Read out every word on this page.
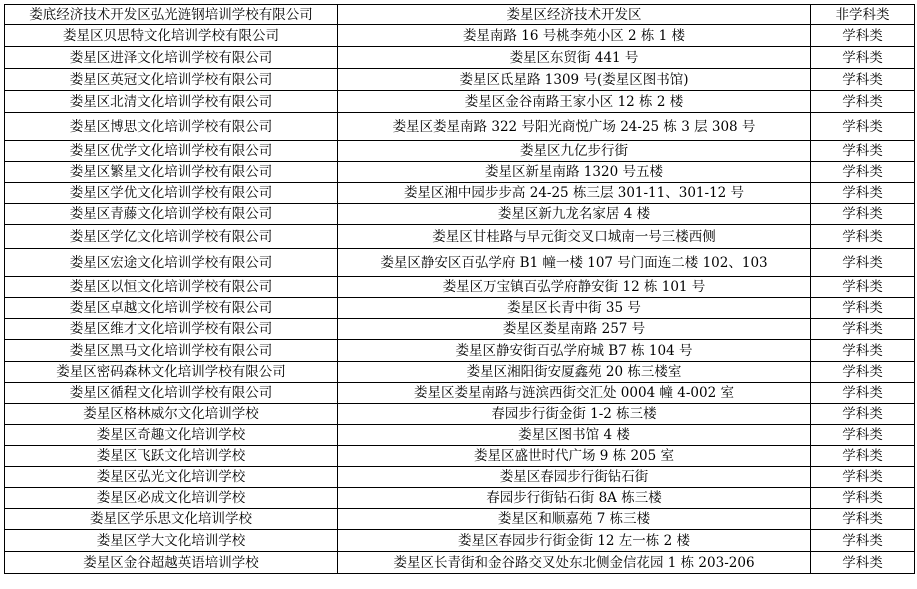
娄底经济技术开发区弘光涟钢培训学校有限公司	娄星区经济技术开发区	非学科类
娄星区贝思特文化培训学校有限公司	娄星南路 16 号桃李苑小区 2 栋 1 楼	学科类
娄星区进泽文化培训学校有限公司	娄星区东贸街 441 号	学科类
娄星区英冠文化培训学校有限公司	娄星区氐星路 1309 号(娄星区图书馆)	学科类
娄星区北清文化培训学校有限公司	娄星区金谷南路王家小区 12 栋 2 楼	学科类
娄星区博思文化培训学校有限公司	娄星区娄星南路 322 号阳光商悦广场 24-25 栋 3 层 308 号	学科类
娄星区优学文化培训学校有限公司	娄星区九亿步行街	学科类
娄星区繁星文化培训学校有限公司	娄星区新星南路 1320 号五楼	学科类
娄星区学优文化培训学校有限公司	娄星区湘中园步步高 24-25 栋三层 301-11、301-12 号	学科类
娄星区青藤文化培训学校有限公司	娄星区新九龙名家居 4 楼	学科类
娄星区学亿文化培训学校有限公司	娄星区甘桂路与早元街交叉口城南一号三楼西侧	学科类
娄星区宏途文化培训学校有限公司	娄星区静安区百弘学府 B1 幢一楼 107 号门面连二楼 102、103	学科类
娄星区以恒文化培训学校有限公司	娄星区万宝镇百弘学府静安街 12 栋 101 号	学科类
娄星区卓越文化培训学校有限公司	娄星区长青中街 35 号	学科类
娄星区维才文化培训学校有限公司	娄星区娄星南路 257 号	学科类
娄星区黑马文化培训学校有限公司	娄星区静安街百弘学府城 B7 栋 104 号	学科类
娄星区密码森林文化培训学校有限公司	娄星区湘阳街安厦鑫苑 20 栋三楼室	学科类
娄星区循程文化培训学校有限公司	娄星区娄星南路与涟滨西街交汇处 0004 幢 4-002 室	学科类
娄星区格林威尔文化培训学校	春园步行街金街 1-2 栋三楼	学科类
娄星区奇趣文化培训学校	娄星区图书馆 4 楼	学科类
娄星区飞跃文化培训学校	娄星区盛世时代广场 9 栋 205 室	学科类
娄星区弘光文化培训学校	娄星区春园步行街钻石街	学科类
娄星区必成文化培训学校	春园步行街钻石街 8A 栋三楼	学科类
娄星区学乐思文化培训学校	娄星区和顺嘉苑 7 栋三楼	学科类
娄星区学大文化培训学校	娄星区春园步行街金街 12 左一栋 2 楼	学科类
娄星区金谷超越英语培训学校	娄星区长青街和金谷路交叉处东北侧金信花园 1 栋 203-206	学科类
